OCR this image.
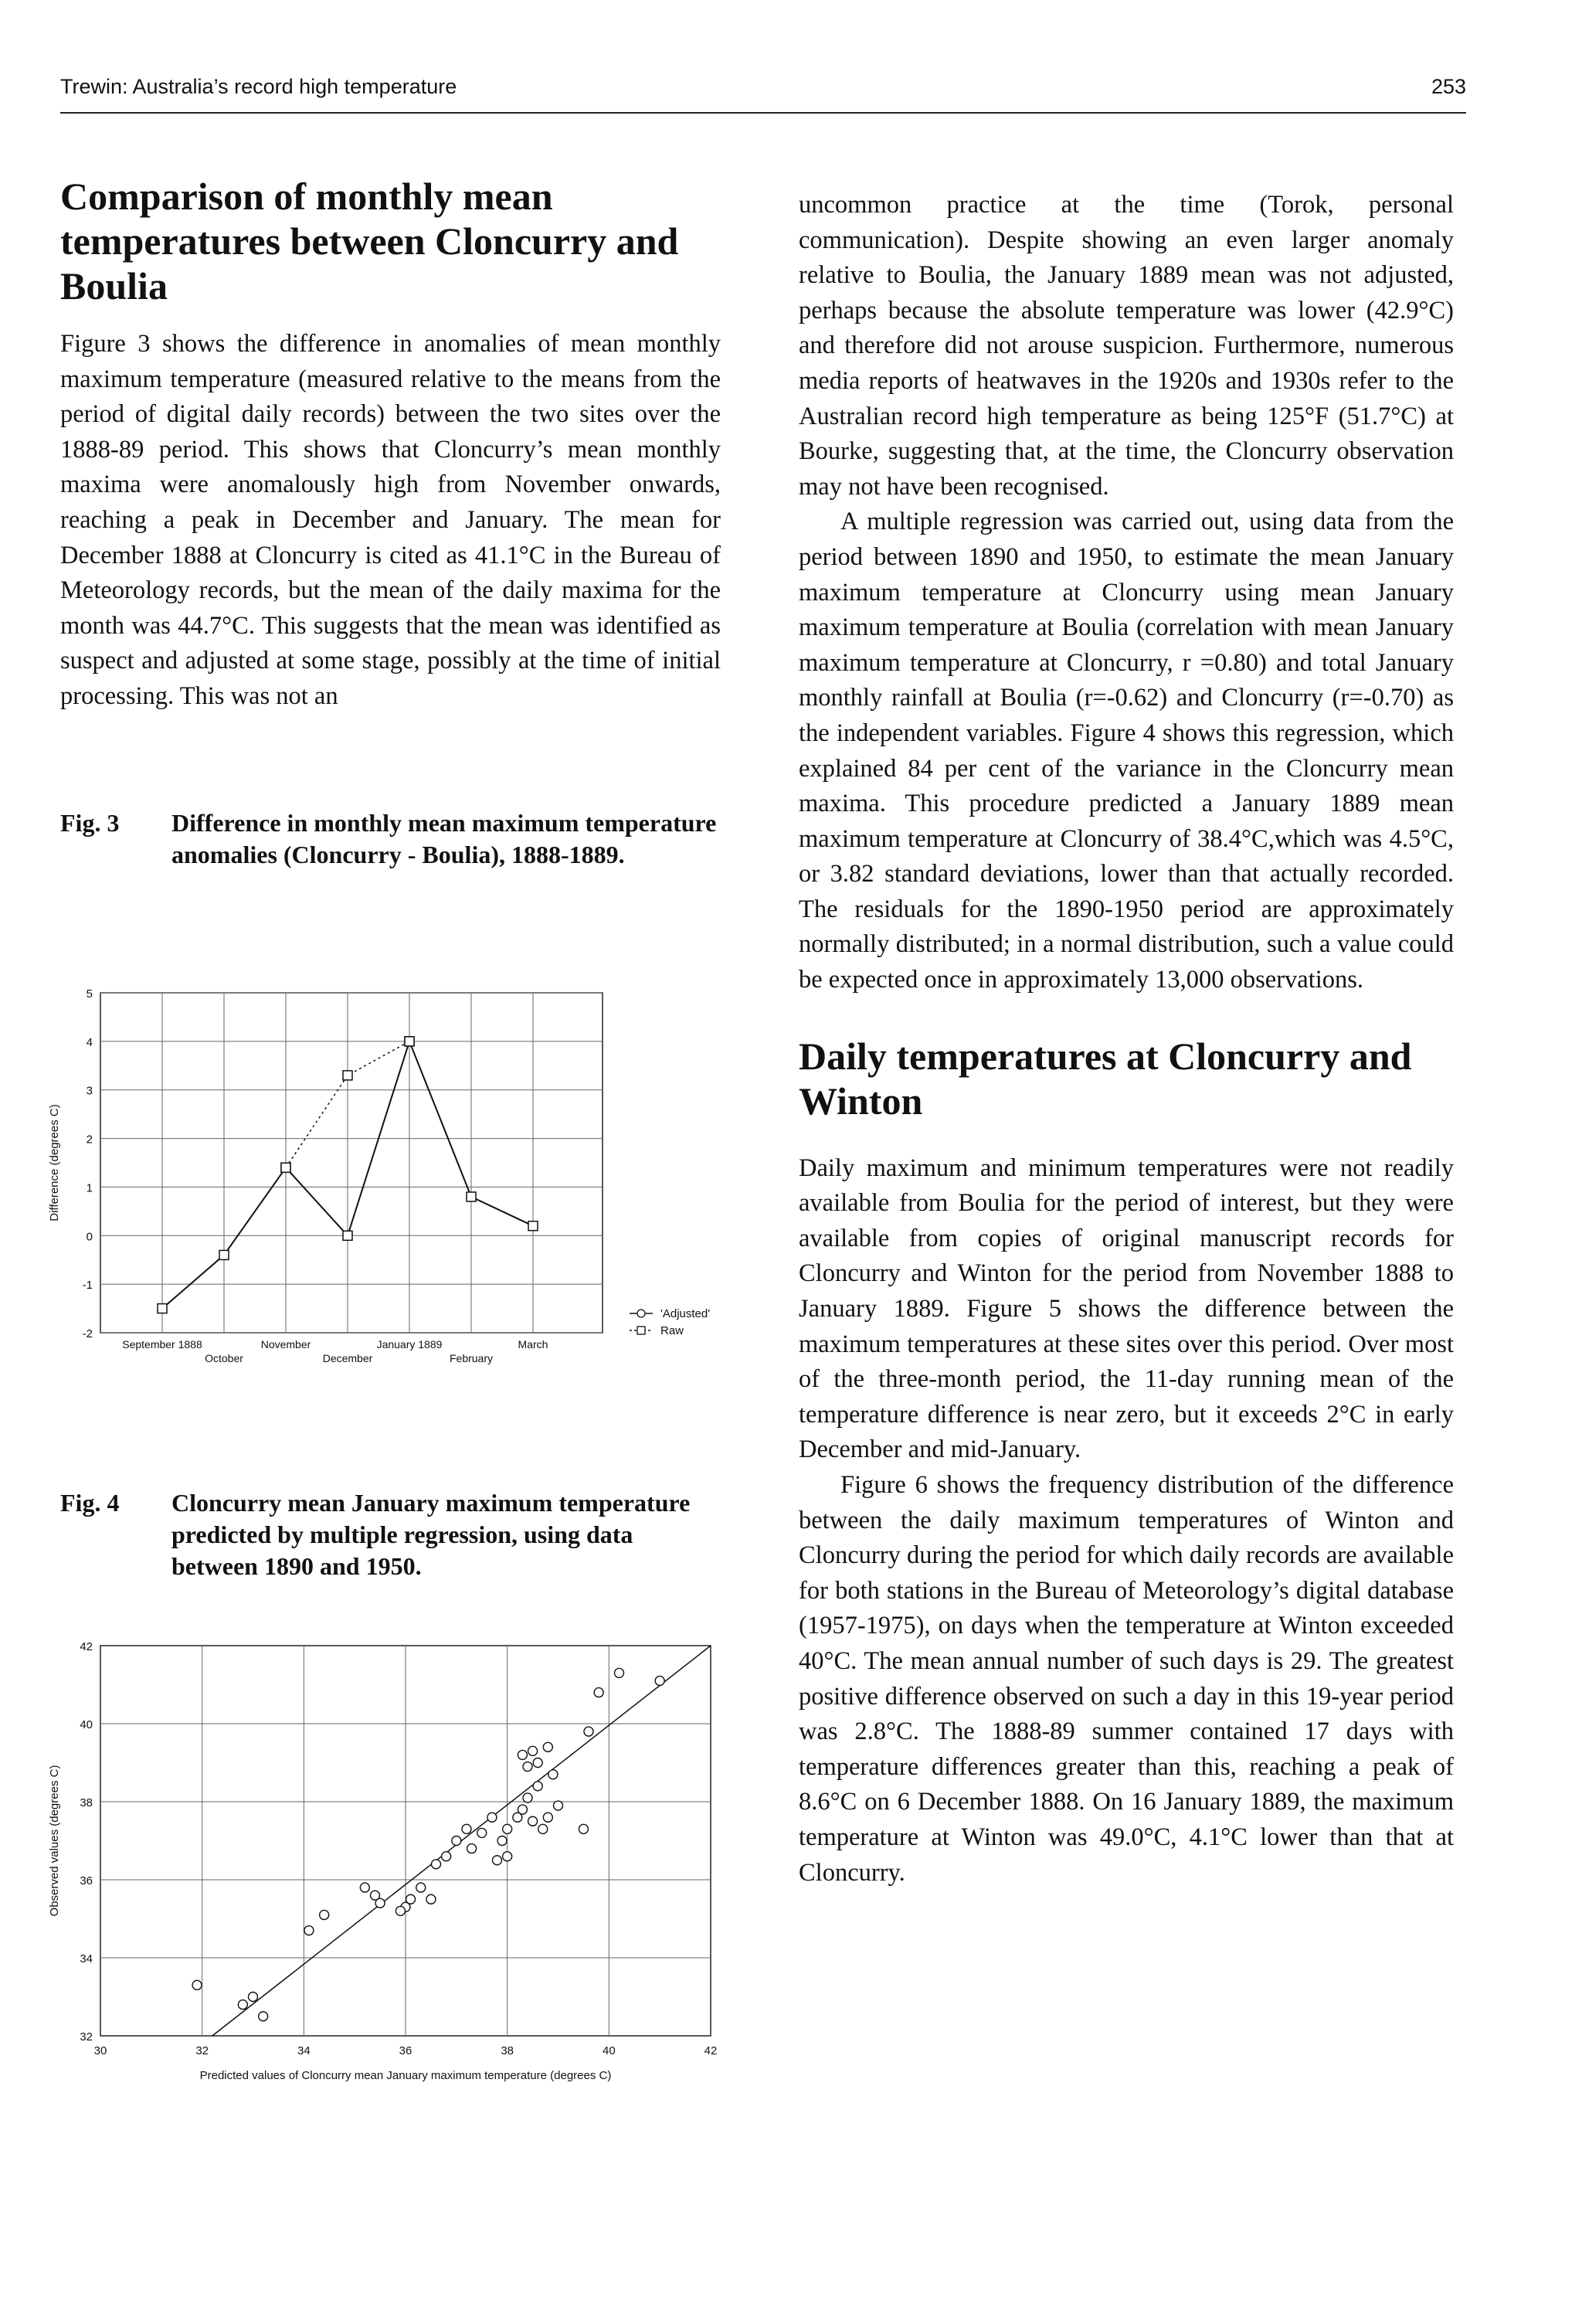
Trewin: Australia’s record high temperature	253
Comparison of monthly mean temperatures between Cloncurry and Boulia

Figure 3 shows the difference in anomalies of mean monthly maximum temperature (measured relative to the means from the period of digital daily records) between the two sites over the 1888-89 period. This shows that Cloncurry’s mean monthly maxima were anomalously high from November onwards, reaching a peak in December and January. The mean for December 1888 at Cloncurry is cited as 41.1°C in the Bureau of Meteorology records, but the mean of the daily maxima for the month was 44.7°C. This suggests that the mean was identified as suspect and adjusted at some stage, possibly at the time of initial processing. This was not an

Fig. 3 Difference in monthly mean maximum temperature anomalies (Cloncurry - Boulia), 1888-1889.
5
4
3
2
1
0
-1
-2
Difference (degrees C)
September 1888	November	January 1889	March
October	December	February
'Adjusted'
Raw
Fig. 4 Cloncurry mean January maximum temperature predicted by multiple regression, using data between 1890 and 1950.
30	32	34	36	38	40	42
42
40
38
36
34
32
Predicted values of Cloncurry mean January maximum temperature (degrees C)
Observed values (degrees C)

uncommon practice at the time (Torok, personal communication). Despite showing an even larger anomaly relative to Boulia, the January 1889 mean was not adjusted, perhaps because the absolute temperature was lower (42.9°C) and therefore did not arouse suspicion. Furthermore, numerous media reports of heatwaves in the 1920s and 1930s refer to the Australian record high temperature as being 125°F (51.7°C) at Bourke, suggesting that, at the time, the Cloncurry observation may not have been recognised.

A multiple regression was carried out, using data from the period between 1890 and 1950, to estimate the mean January maximum temperature at Cloncurry using mean January maximum temperature at Boulia (correlation with mean January maximum temperature at Cloncurry, r =0.80) and total January monthly rainfall at Boulia (r=-0.62) and Cloncurry (r=-0.70) as the independent variables. Figure 4 shows this regression, which explained 84 per cent of the variance in the Cloncurry mean maxima. This procedure predicted a January 1889 mean maximum temperature at Cloncurry of 38.4°C,which was 4.5°C, or 3.82 standard deviations, lower than that actually recorded. The residuals for the 1890-1950 period are approximately normally distributed; in a normal distribution, such a value could be expected once in approximately 13,000 observations.

Daily temperatures at Cloncurry and Winton

Daily maximum and minimum temperatures were not readily available from Boulia for the period of interest, but they were available from copies of original manuscript records for Cloncurry and Winton for the period from November 1888 to January 1889. Figure 5 shows the difference between the maximum temperatures at these sites over this period. Over most of the three-month period, the 11-day running mean of the temperature difference is near zero, but it exceeds 2°C in early December and mid-January.

Figure 6 shows the frequency distribution of the difference between the daily maximum temperatures of Winton and Cloncurry during the period for which daily records are available for both stations in the Bureau of Meteorology’s digital database (1957-1975), on days when the temperature at Winton exceeded 40°C. The mean annual number of such days is 29. The greatest positive difference observed on such a day in this 19-year period was 2.8°C. The 1888-89 summer contained 17 days with temperature differences greater than this, reaching a peak of 8.6°C on 6 December 1888. On 16 January 1889, the maximum temperature at Winton was 49.0°C, 4.1°C lower than that at Cloncurry.
